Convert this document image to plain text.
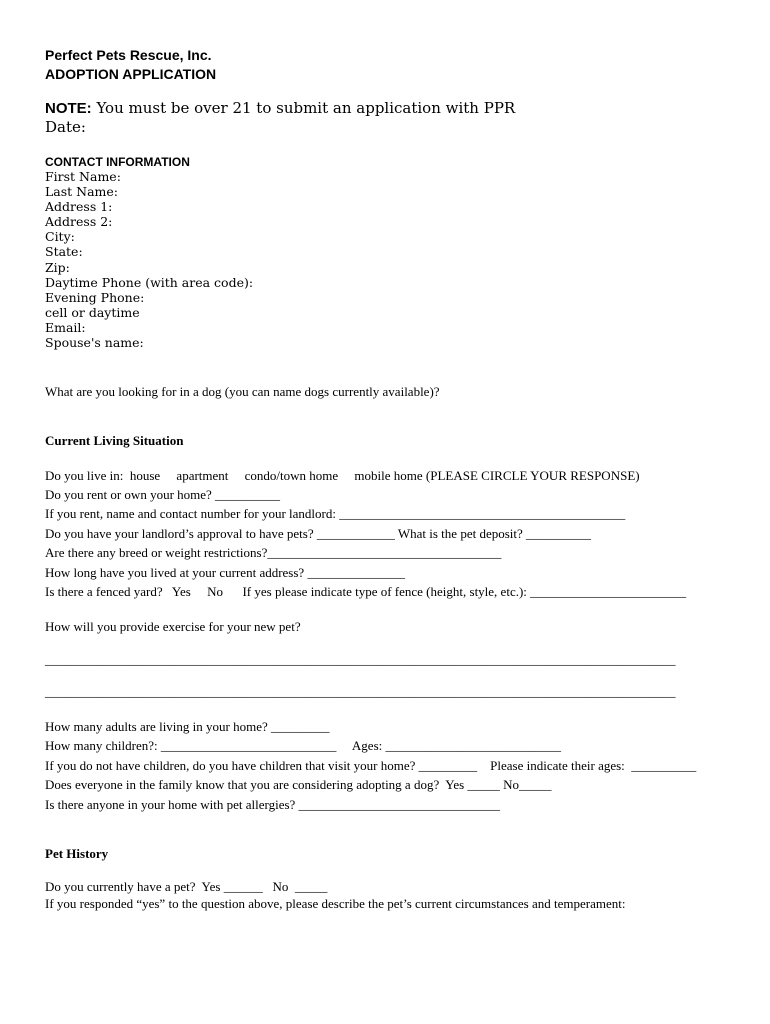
Perfect Pets Rescue, Inc.
ADOPTION APPLICATION
NOTE: You must be over 21 to submit an application with PPR
Date:
CONTACT INFORMATION
First Name:
Last Name:
Address 1:
Address 2:
City:
State:
Zip:
Daytime Phone (with area code):
Evening Phone:
cell or daytime
Email:
Spouse's name:
What are you looking for in a dog (you can name dogs currently available)?
Current Living Situation
Do you live in:  house     apartment     condo/town home     mobile home (PLEASE CIRCLE YOUR RESPONSE)
Do you rent or own your home? __________
If you rent, name and contact number for your landlord: ____________________________________________
Do you have your landlord’s approval to have pets? ____________ What is the pet deposit? __________
Are there any breed or weight restrictions?____________________________________
How long have you lived at your current address? _______________
Is there a fenced yard?   Yes     No      If yes please indicate type of fence (height, style, etc.): ________________________
How will you provide exercise for your new pet?
_________________________________________________________________________________________________
_________________________________________________________________________________________________
How many adults are living in your home? _________
How many children?: ___________________________     Ages: ___________________________
If you do not have children, do you have children that visit your home? _________    Please indicate their ages:  __________
Does everyone in the family know that you are considering adopting a dog?  Yes _____ No_____
Is there anyone in your home with pet allergies? _______________________________
Pet History
Do you currently have a pet?  Yes ______   No  _____
If you responded “yes” to the question above, please describe the pet’s current circumstances and temperament:
